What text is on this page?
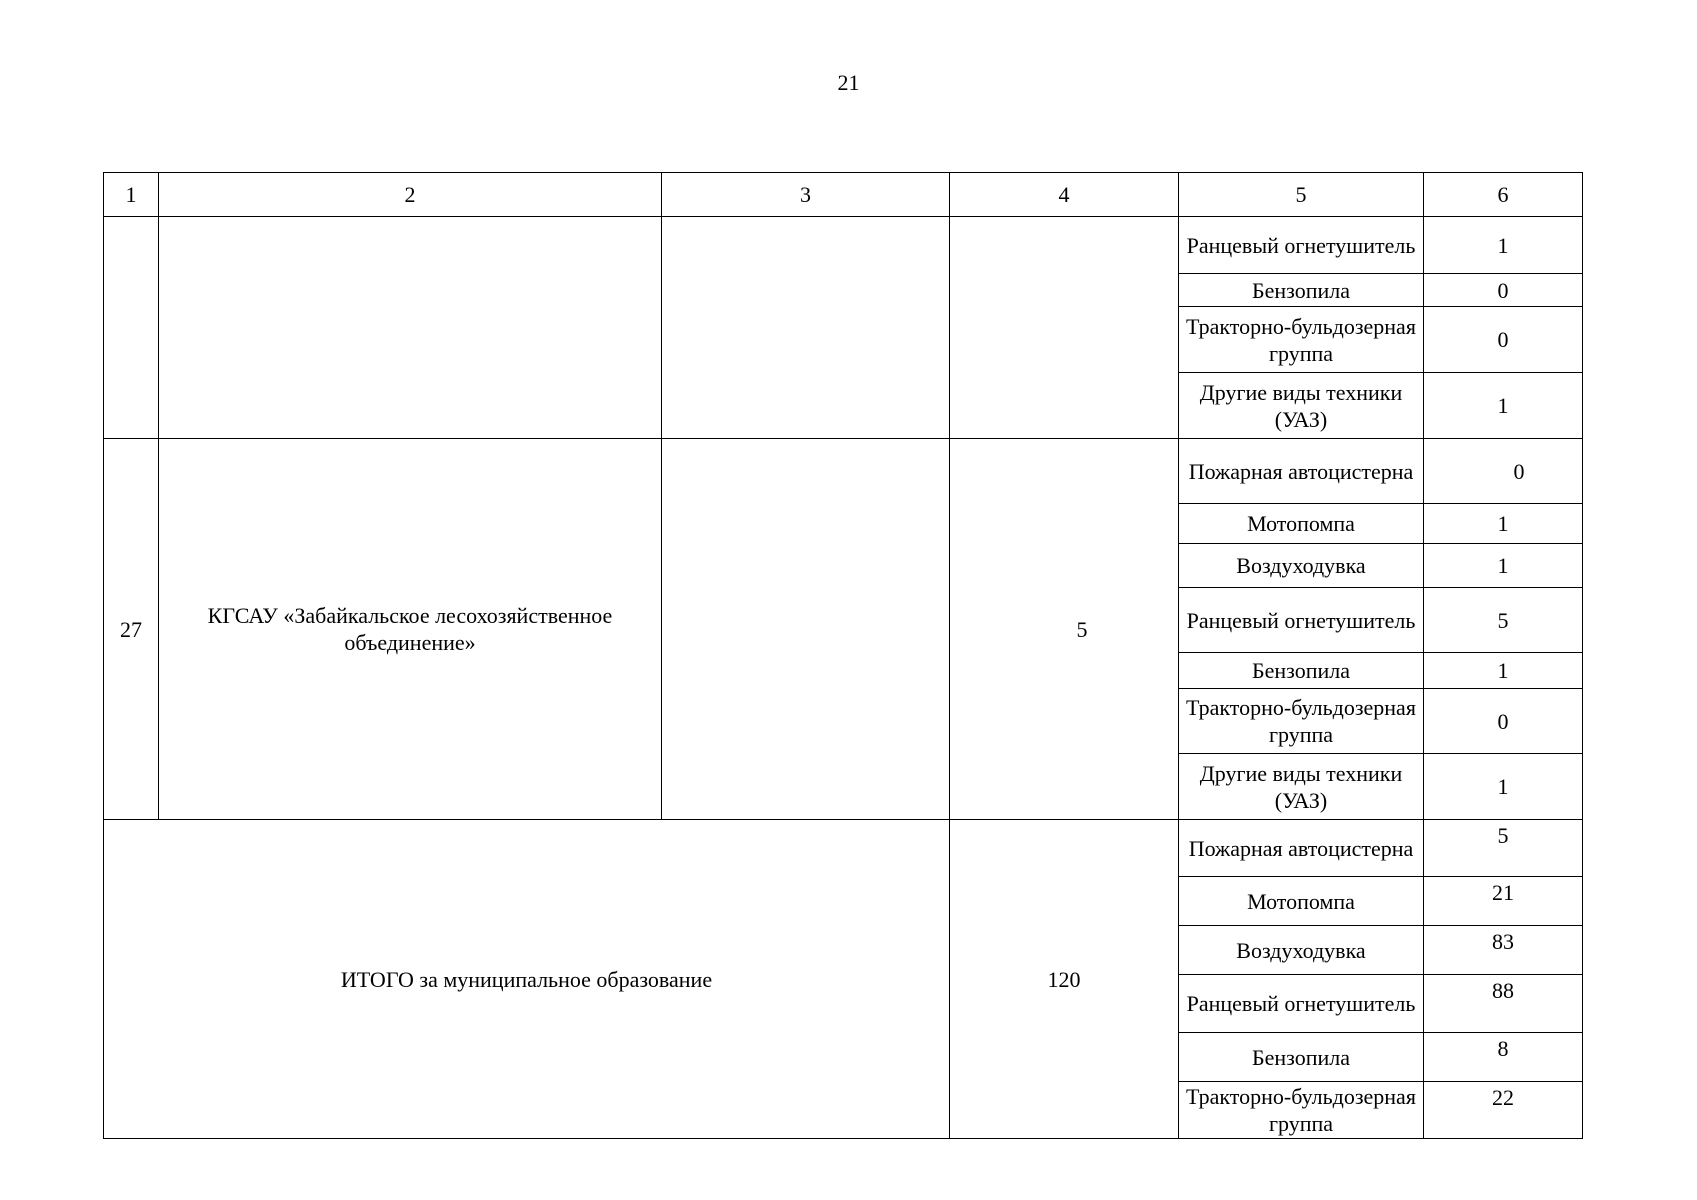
21
1	2	3	4	5	6
				Ранцевый огнетушитель	1
				Бензопила	0
				Тракторно-бульдозерная группа	0
				Другие виды техники (УАЗ)	1
27	КГСАУ «Забайкальское лесохозяйственное объединение»		5	Пожарная автоцистерна	0
				Мотопомпа	1
				Воздуходувка	1
				Ранцевый огнетушитель	5
				Бензопила	1
				Тракторно-бульдозерная группа	0
				Другие виды техники (УАЗ)	1
ИТОГО за муниципальное образование			120	Пожарная автоцистерна	5
				Мотопомпа	21
				Воздуходувка	83
				Ранцевый огнетушитель	88
				Бензопила	8
				Тракторно-бульдозерная группа	22
